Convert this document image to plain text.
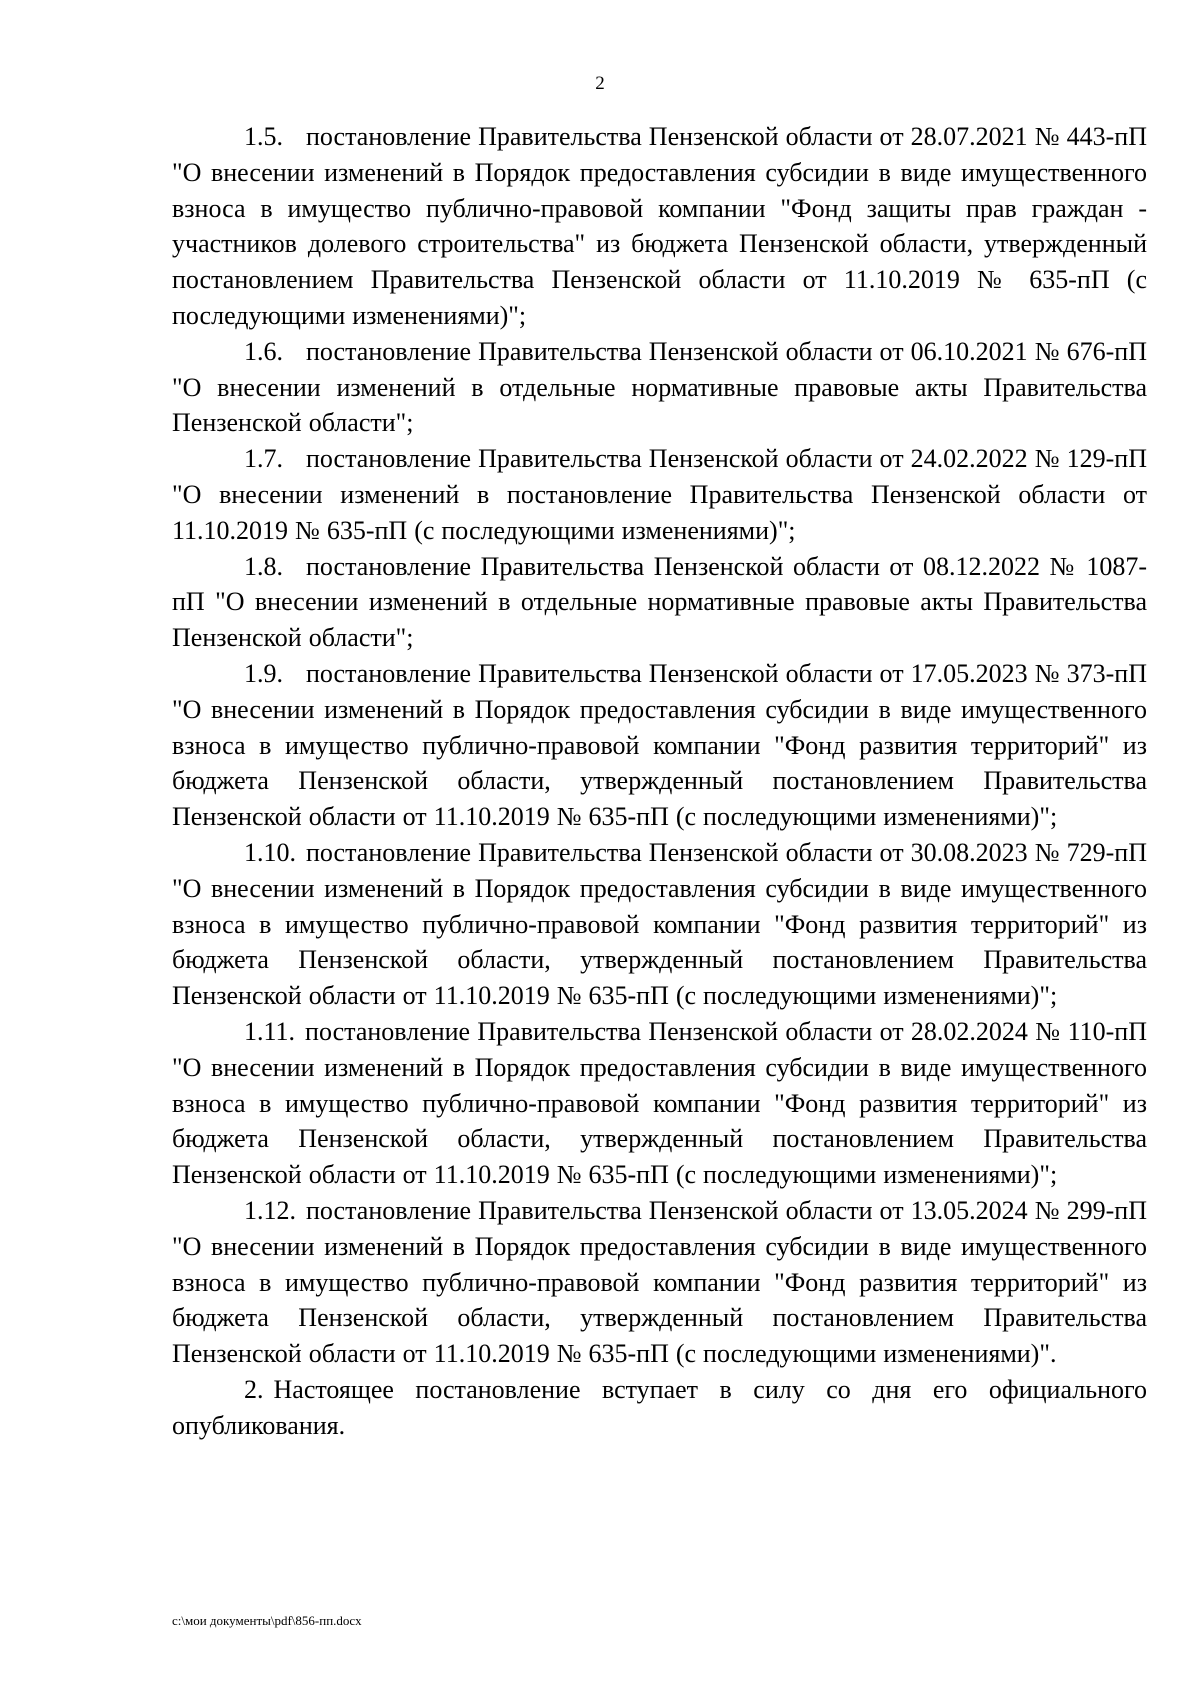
2

1.5. постановление Правительства Пензенской области от 28.07.2021 № 443-пП "О внесении изменений в Порядок предоставления субсидии в виде имущественного взноса в имущество публично-правовой компании "Фонд защиты прав граждан - участников долевого строительства" из бюджета Пензенской области, утвержденный постановлением Правительства Пензенской области от 11.10.2019 № 635-пП (с последующими изменениями)";

1.6. постановление Правительства Пензенской области от 06.10.2021 № 676-пП "О внесении изменений в отдельные нормативные правовые акты Правительства Пензенской области";

1.7. постановление Правительства Пензенской области от 24.02.2022 № 129-пП "О внесении изменений в постановление Правительства Пензенской области от 11.10.2019 № 635-пП (с последующими изменениями)";

1.8. постановление Правительства Пензенской области от 08.12.2022 № 1087-пП "О внесении изменений в отдельные нормативные правовые акты Правительства Пензенской области";

1.9. постановление Правительства Пензенской области от 17.05.2023 № 373-пП "О внесении изменений в Порядок предоставления субсидии в виде имущественного взноса в имущество публично-правовой компании "Фонд развития территорий" из бюджета Пензенской области, утвержденный постановлением Правительства Пензенской области от 11.10.2019 № 635-пП (с последующими изменениями)";

1.10. постановление Правительства Пензенской области от 30.08.2023 № 729-пП "О внесении изменений в Порядок предоставления субсидии в виде имущественного взноса в имущество публично-правовой компании "Фонд развития территорий" из бюджета Пензенской области, утвержденный постановлением Правительства Пензенской области от 11.10.2019 № 635-пП (с последующими изменениями)";

1.11. постановление Правительства Пензенской области от 28.02.2024 № 110-пП "О внесении изменений в Порядок предоставления субсидии в виде имущественного взноса в имущество публично-правовой компании "Фонд развития территорий" из бюджета Пензенской области, утвержденный постановлением Правительства Пензенской области от 11.10.2019 № 635-пП (с последующими изменениями)";

1.12. постановление Правительства Пензенской области от 13.05.2024 № 299-пП "О внесении изменений в Порядок предоставления субсидии в виде имущественного взноса в имущество публично-правовой компании "Фонд развития территорий" из бюджета Пензенской области, утвержденный постановлением Правительства Пензенской области от 11.10.2019 № 635-пП (с последующими изменениями)".

2. Настоящее постановление вступает в силу со дня его официального опубликования.

c:\мои документы\pdf\856-пп.docx
